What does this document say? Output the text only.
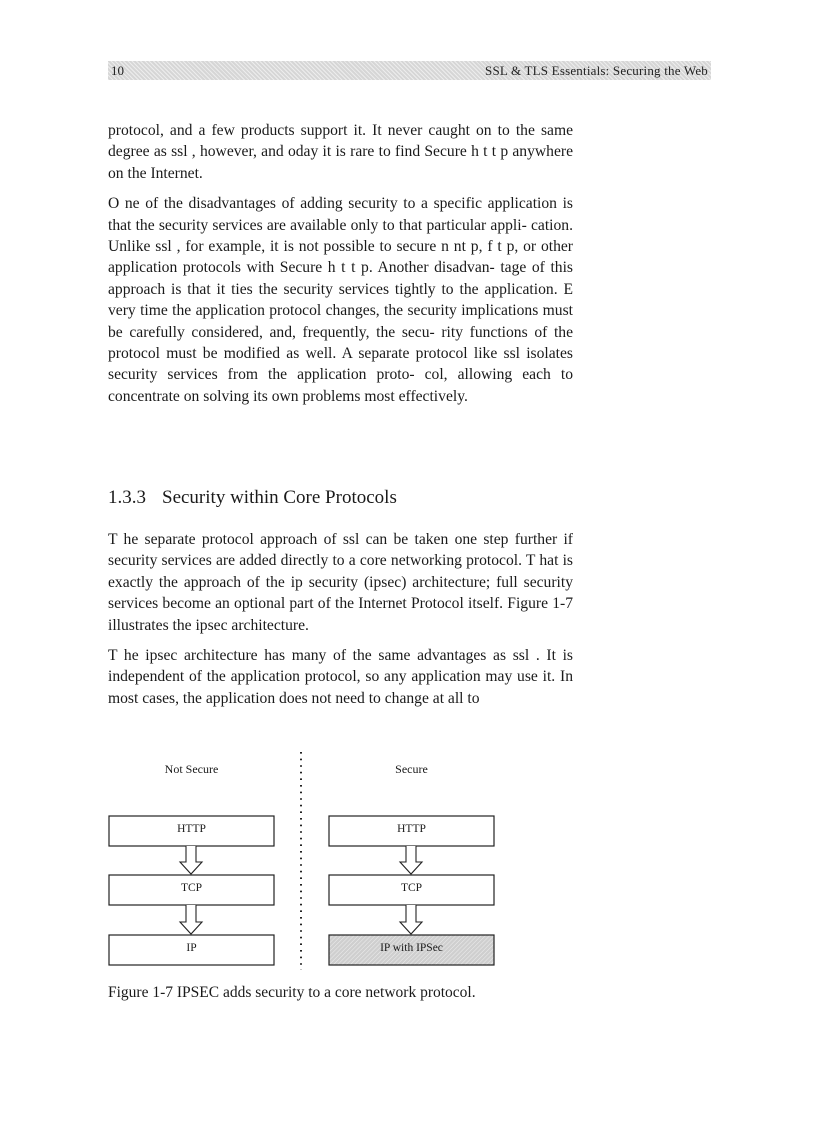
10	SSL & TLS Essentials: Securing the Web

protocol, and a few products support it. It never caught on to the same degree as ssl , however, and oday it is rare to find Secure h t t p anywhere on the Internet.

O ne of the disadvantages of adding security to a specific application is that the security services are available only to that particular appli- cation. Unlike ssl , for example, it is not possible to secure n nt p, f t p, or other application protocols with Secure h t t p. Another disadvan- tage of this approach is that it ties the security services tightly to the application. E very time the application protocol changes, the security implications must be carefully considered, and, frequently, the secu- rity functions of the protocol must be modified as well. A separate protocol like ssl isolates security services from the application proto- col, allowing each to concentrate on solving its own problems most effectively.

1.3.3 Security within Core Protocols

T he separate protocol approach of ssl can be taken one step further if security services are added directly to a core networking protocol. T hat is exactly the approach of the ip security (ipsec) architecture; full security services become an optional part of the Internet Protocol itself. Figure 1-7 illustrates the ipsec architecture.

T he ipsec architecture has many of the same advantages as ssl . It is independent of the application protocol, so any application may use it. In most cases, the application does not need to change at all to

Not Secure	Secure
HTTP
TCP
IP
HTTP
TCP
IP with IPSec
Figure 1-7 IPSEC adds security to a core network protocol.
